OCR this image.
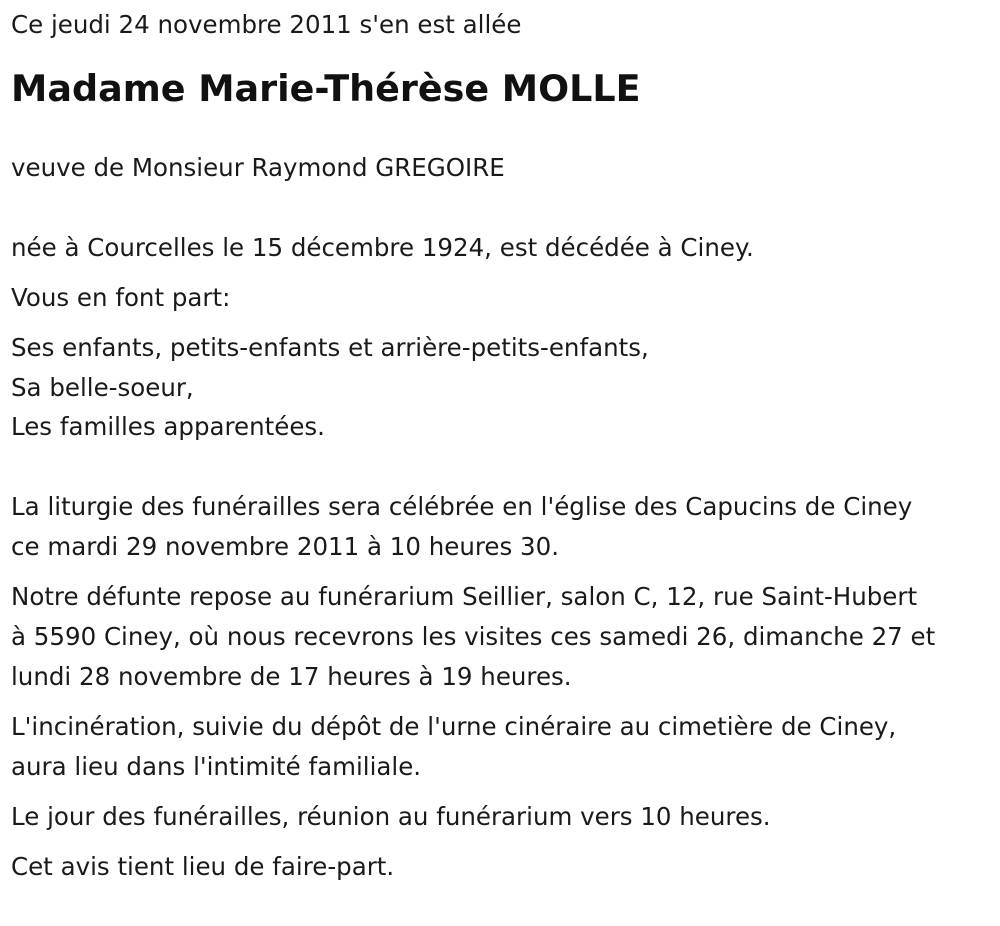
Ce jeudi 24 novembre 2011 s'en est allée

Madame Marie-Thérèse MOLLE

veuve de Monsieur Raymond GREGOIRE

née à Courcelles le 15 décembre 1924, est décédée à Ciney.

Vous en font part:

Ses enfants, petits-enfants et arrière-petits-enfants,

Sa belle-soeur,

Les familles apparentées.

La liturgie des funérailles sera célébrée en l'église des Capucins de Ciney

ce mardi 29 novembre 2011 à 10 heures 30.

Notre défunte repose au funérarium Seillier, salon C, 12, rue Saint-Hubert

à 5590 Ciney, où nous recevrons les visites ces samedi 26, dimanche 27 et

lundi 28 novembre de 17 heures à 19 heures.

L'incinération, suivie du dépôt de l'urne cinéraire au cimetière de Ciney,

aura lieu dans l'intimité familiale.

Le jour des funérailles, réunion au funérarium vers 10 heures.

Cet avis tient lieu de faire-part.
